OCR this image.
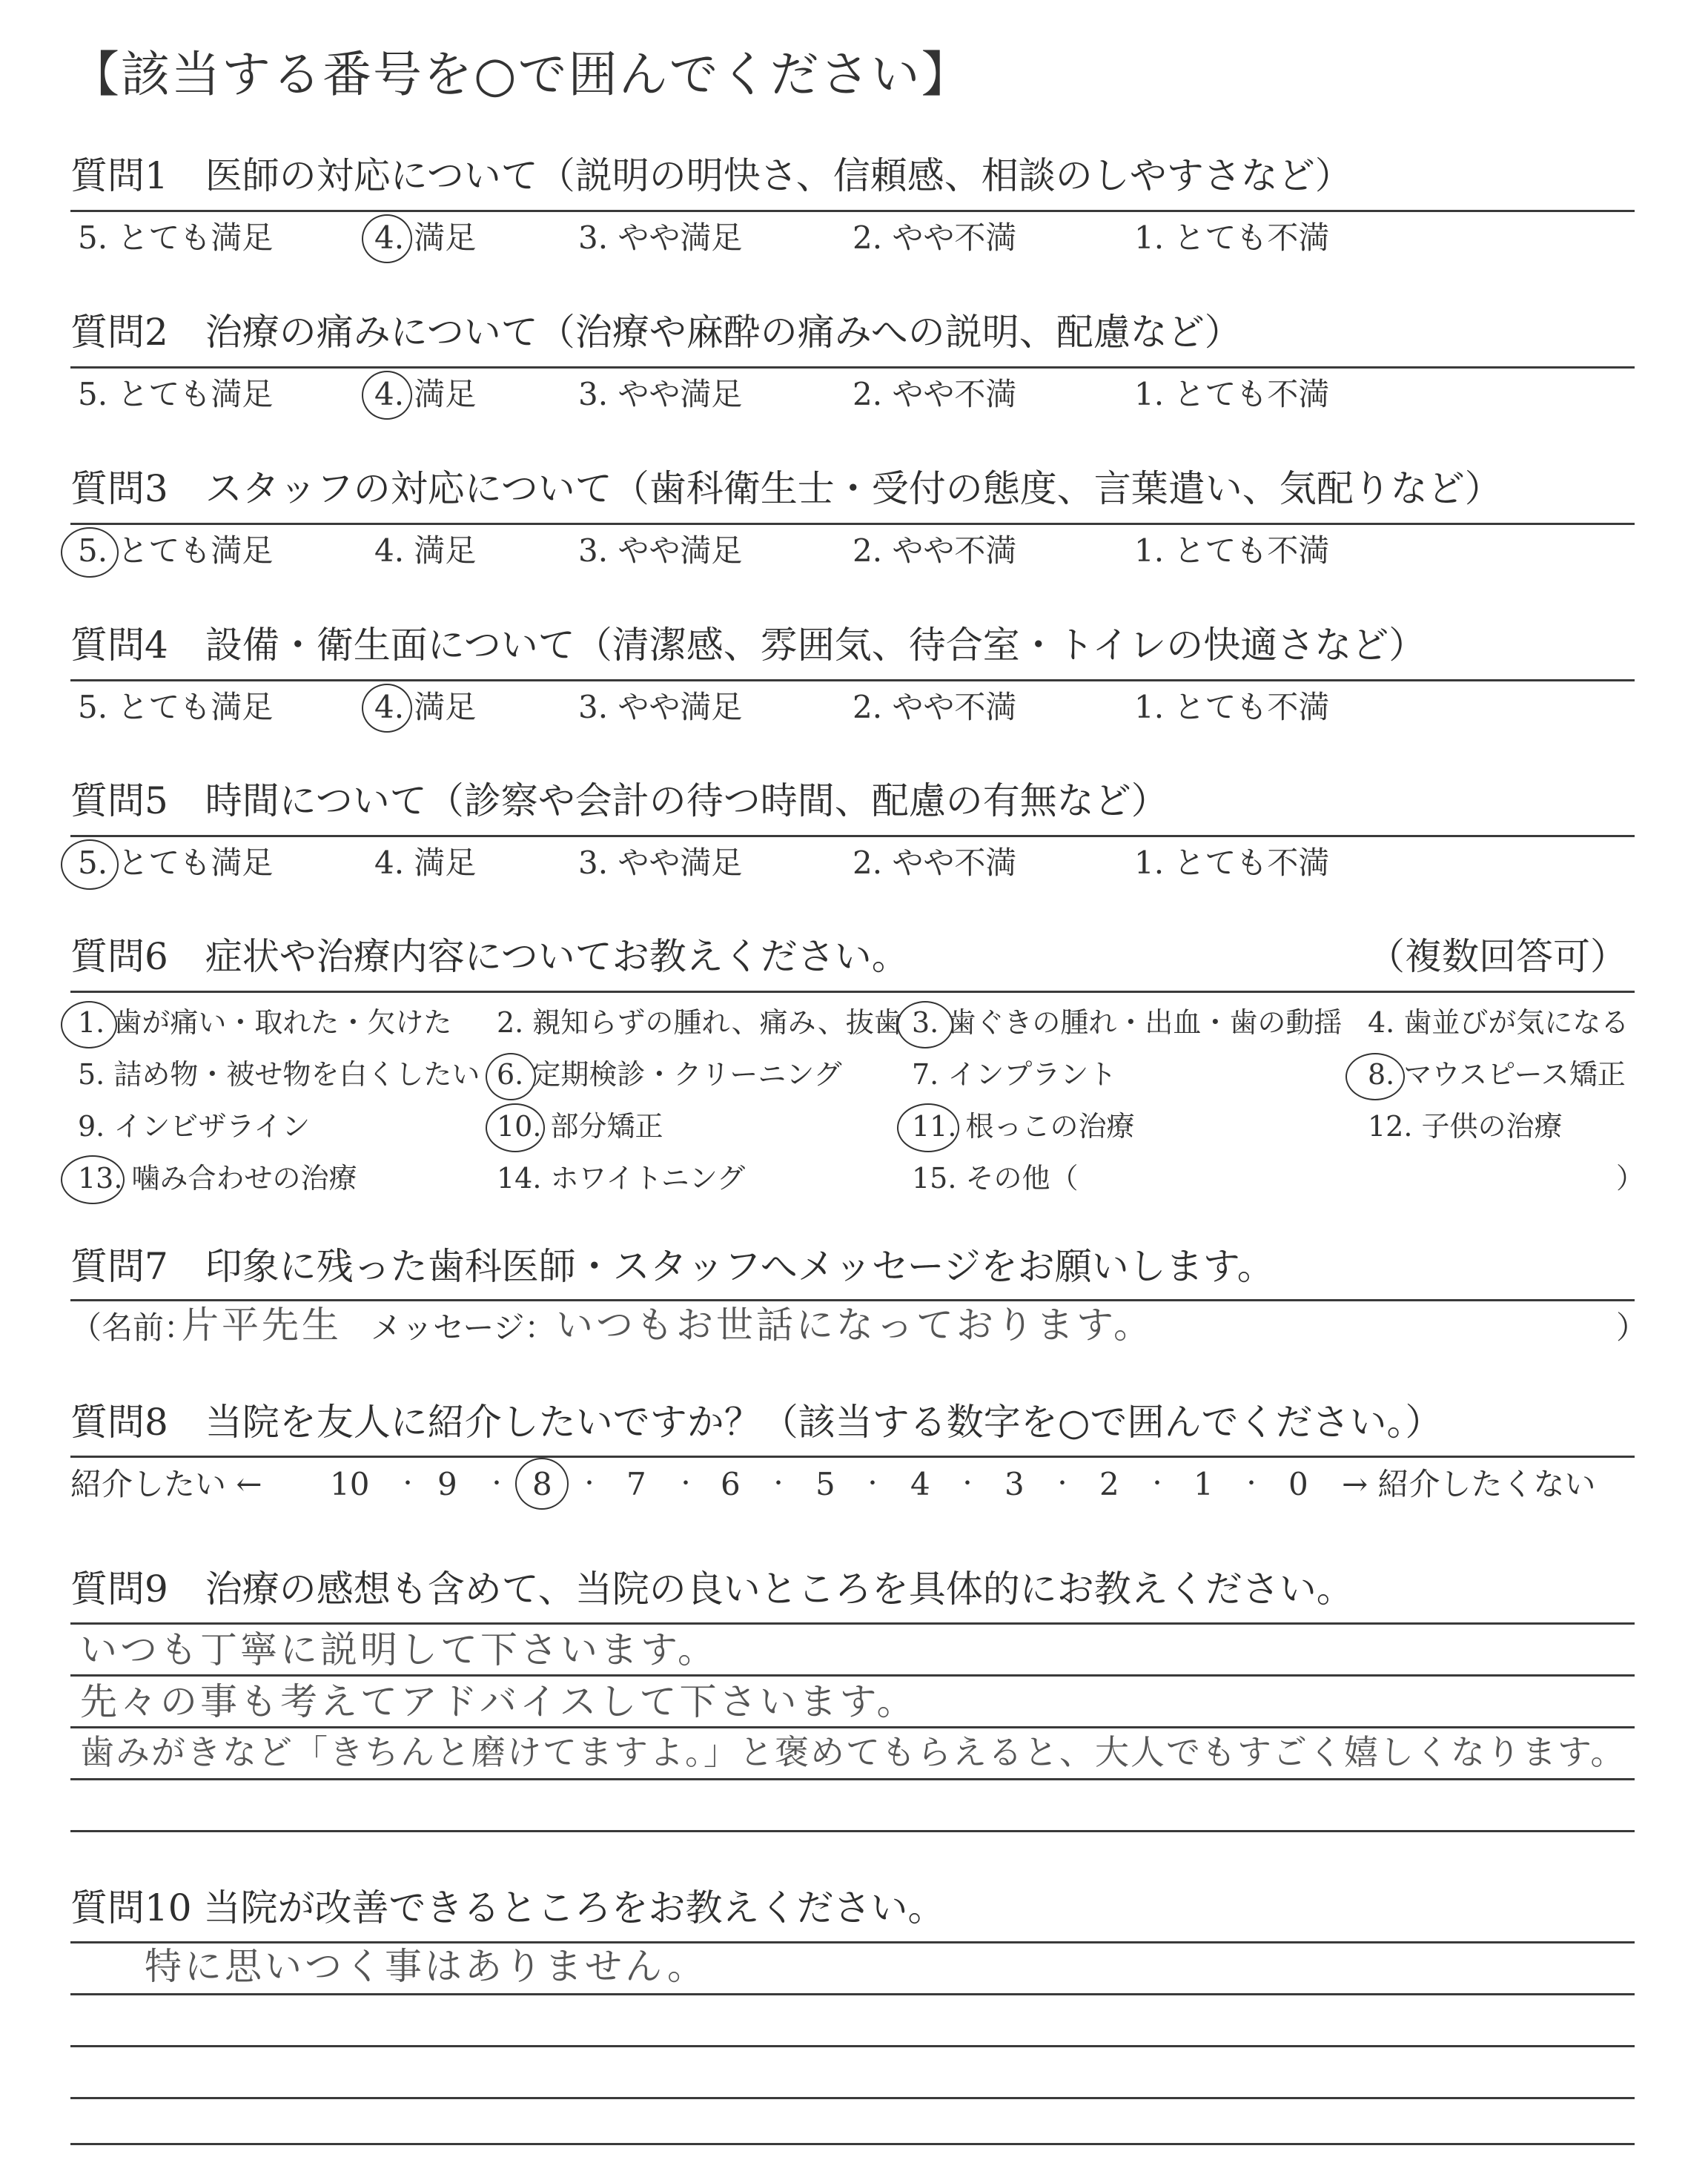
【該当する番号を○で囲んでください】
質問1　医師の対応について（説明の明快さ、信頼感、相談のしやすさなど）
5. とても満足	4. 満足	3. やや満足	2. やや不満	1. とても不満
質問2　治療の痛みについて（治療や麻酔の痛みへの説明、配慮など）
5. とても満足	4. 満足	3. やや満足	2. やや不満	1. とても不満
質問3　スタッフの対応について（歯科衛生士・受付の態度、言葉遣い、気配りなど）
5. とても満足	4. 満足	3. やや満足	2. やや不満	1. とても不満
質問4　設備・衛生面について（清潔感、雰囲気、待合室・トイレの快適さなど）
5. とても満足	4. 満足	3. やや満足	2. やや不満	1. とても不満
質問5　時間について（診察や会計の待つ時間、配慮の有無など）
5. とても満足	4. 満足	3. やや満足	2. やや不満	1. とても不満
質問6　症状や治療内容についてお教えください。	（複数回答可）
1. 歯が痛い・取れた・欠けた 2. 親知らずの腫れ、痛み、抜歯 3. 歯ぐきの腫れ・出血・歯の動揺 4. 歯並びが気になる
5. 詰め物・被せ物を白くしたい 6. 定期検診・クリーニング 7. インプラント	8. マウスピース矯正
9. インビザライン	10. 部分矯正	11. 根っこの治療	12. 子供の治療
13. 噛み合わせの治療	14. ホワイトニング	15. その他（	）
質問7　印象に残った歯科医師・スタッフへメッセージをお願いします。
（名前：
片平先生 メッセージ： いつもお世話になっております。	）
質問8　当院を友人に紹介したいですか？（該当する数字を○で囲んでください。）
紹介したい ← 10 ・ 9 ・ 8 ・ 7 ・ 6 ・ 5 ・ 4 ・ 3 ・ 2 ・ 1 ・ 0 → 紹介したくない
質問9　治療の感想も含めて、当院の良いところを具体的にお教えください。
いつも丁寧に説明して下さいます。
先々の事も考えてアドバイスして下さいます。
歯みがきなど「きちんと磨けてますよ。」と褒めてもらえると、大人でもすごく嬉しくなります。
質問10 当院が改善できるところをお教えください。
特に思いつく事はありません。
